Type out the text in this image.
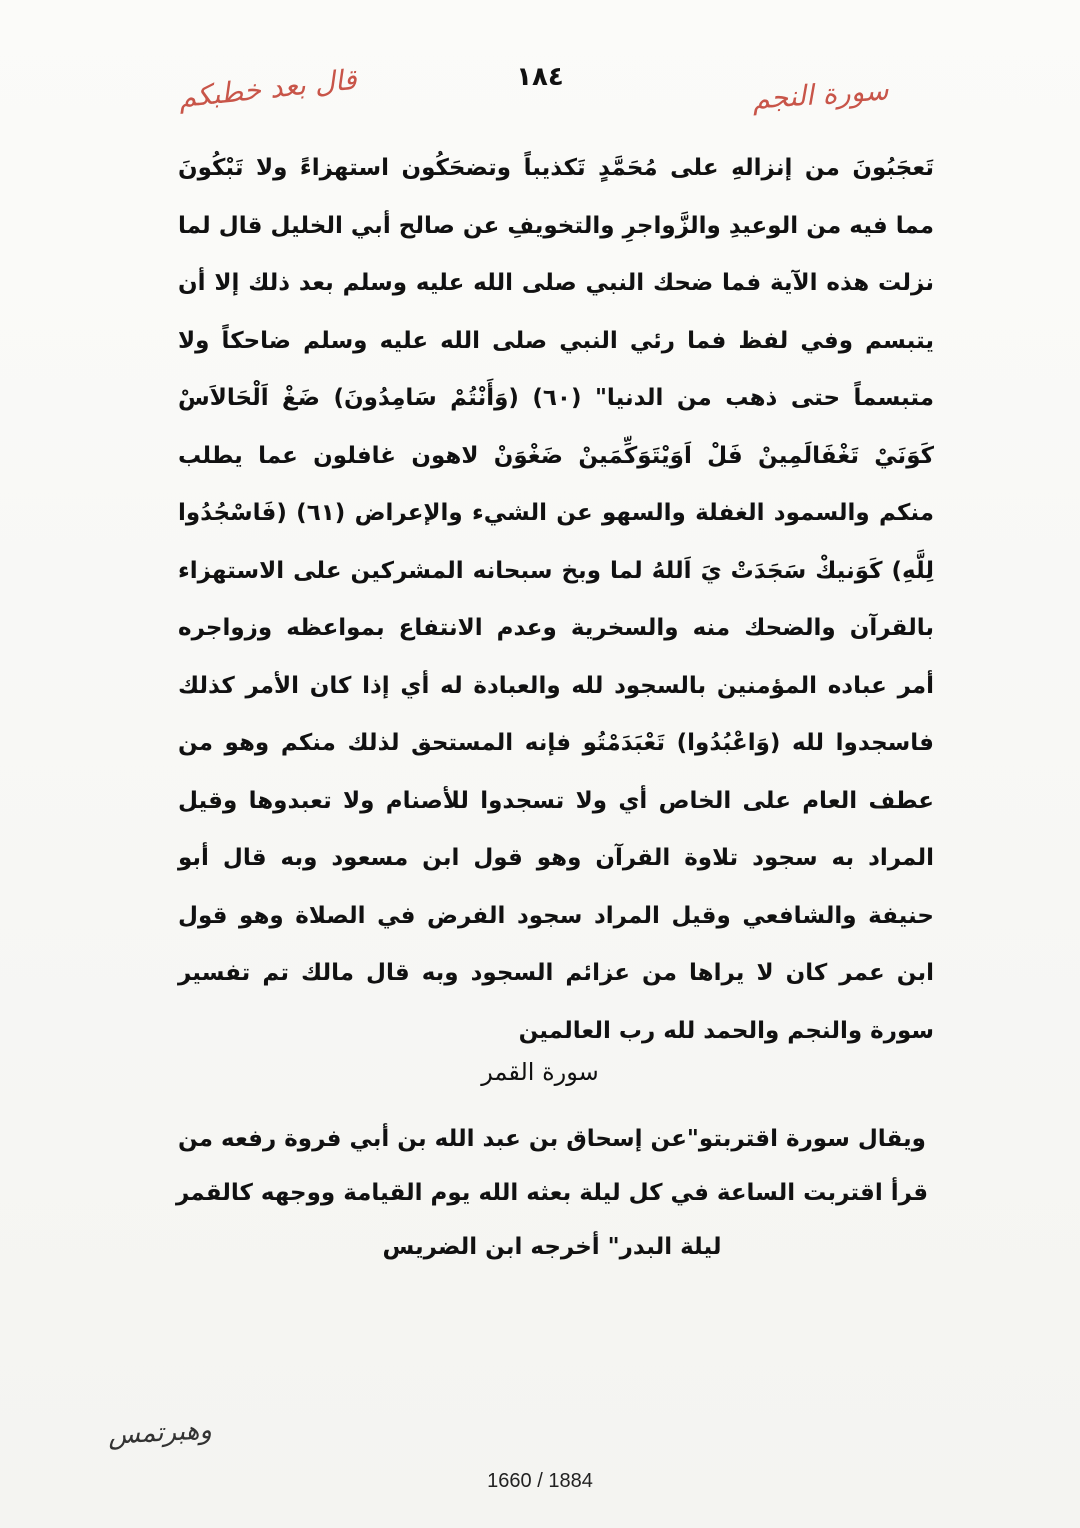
قال بعد خطبكم	١٨٤	سورة النجم

تَعجَبُونَ من إنزالهِ على مُحَمَّدٍ تَكذيباً وتضحَكُون استهزاءً ولا تَبْكُونَ مما فيه من الوعيدِ والزَّواجرِ والتخويفِ عن صالح أبي الخليل قال لما نزلت هذه الآية فما ضحك النبي صلى الله عليه وسلم بعد ذلك إلا أن يتبسم وفي لفظ فما رئي النبي صلى الله عليه وسلم ضاحكاً ولا متبسماً حتى ذهب من الدنيا" (٦٠) (وَأَنْتُمْ سَامِدُونَ) ضَغْ اَلْحَالاَسْ كَوَنَيْ تَغْفَالَمِينْ فَلْ اَوَيْتَوَكِّمَينْ ضَغْوَنْ لاهون غافلون عما يطلب منكم والسمود الغفلة والسهو عن الشيء والإعراض (٦١) (فَاسْجُدُوا لِلَّهِ) كَوَنيكْ سَجَدَتْ يَ اَللهُ لما وبخ سبحانه المشركين على الاستهزاء بالقرآن والضحك منه والسخرية وعدم الانتفاع بمواعظه وزواجره أمر عباده المؤمنين بالسجود لله والعبادة له أي إذا كان الأمر كذلك فاسجدوا لله (وَاعْبُدُوا) تَعْبَدَمْتُو فإنه المستحق لذلك منكم وهو من عطف العام على الخاص أي ولا تسجدوا للأصنام ولا تعبدوها وقيل المراد به سجود تلاوة القرآن وهو قول ابن مسعود وبه قال أبو حنيفة والشافعي وقيل المراد سجود الفرض في الصلاة وهو قول ابن عمر كان لا يراها من عزائم السجود وبه قال مالك تم تفسير سورة والنجم والحمد لله رب العالمين

سورة القمر
ويقال سورة اقتربتو"عن إسحاق بن عبد الله بن أبي فروة رفعه من قرأ اقتربت الساعة في كل ليلة بعثه الله يوم القيامة ووجهه كالقمر ليلة البدر" أخرجه ابن الضريس
وهبرتمس
1660 / 1884
